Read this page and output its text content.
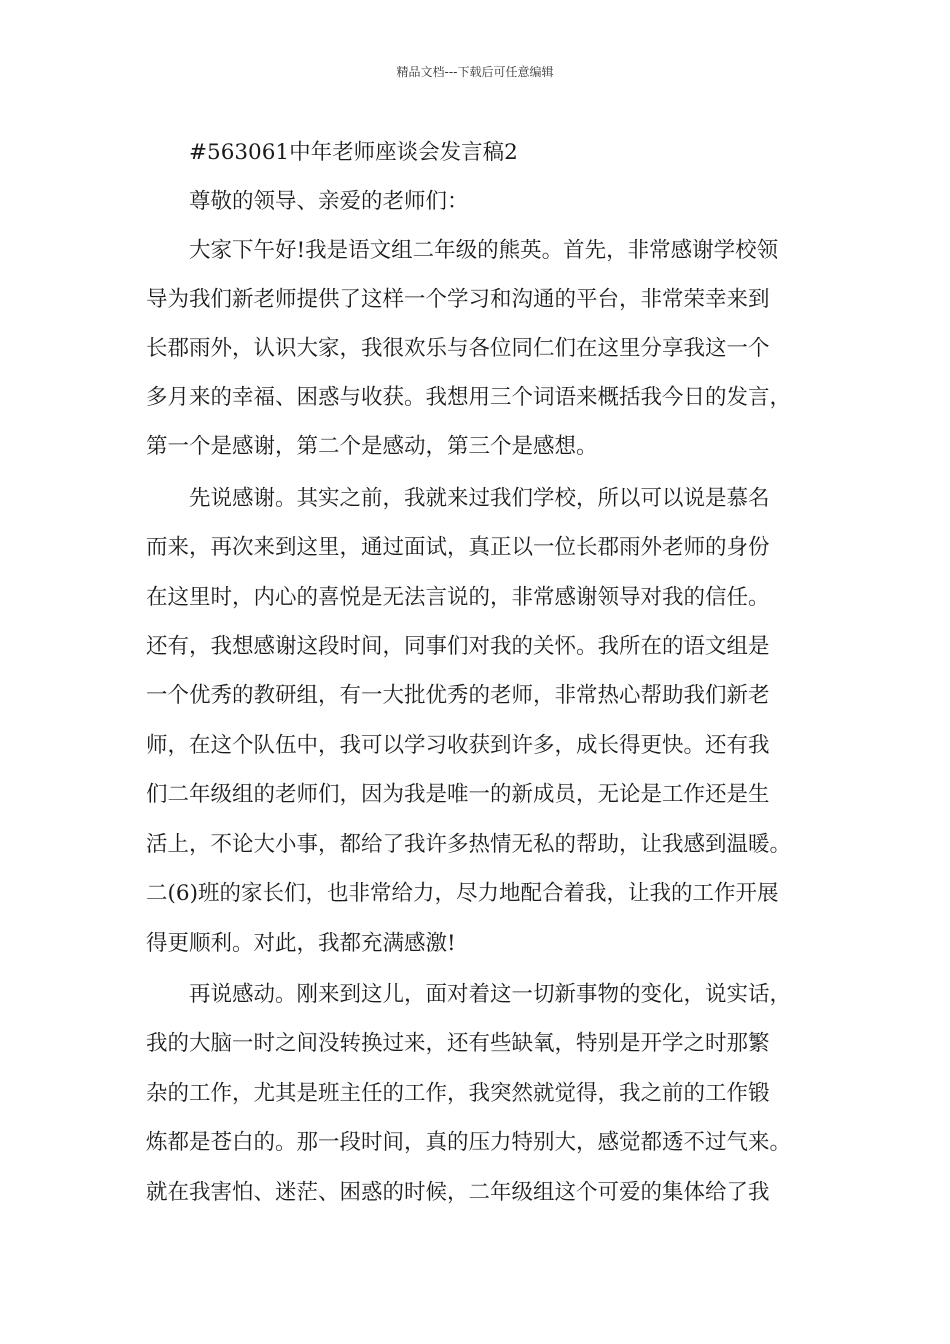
精品文档---下载后可任意编辑
#563061中年老师座谈会发言稿2
尊敬的领导、亲爱的老师们：
大家下午好!我是语文组二年级的熊英。首先，非常感谢学校领
导为我们新老师提供了这样一个学习和沟通的平台，非常荣幸来到
长郡雨外，认识大家，我很欢乐与各位同仁们在这里分享我这一个
多月来的幸福、困惑与收获。我想用三个词语来概括我今日的发言，
第一个是感谢，第二个是感动，第三个是感想。
先说感谢。其实之前，我就来过我们学校，所以可以说是慕名
而来，再次来到这里，通过面试，真正以一位长郡雨外老师的身份
在这里时，内心的喜悦是无法言说的，非常感谢领导对我的信任。
还有，我想感谢这段时间，同事们对我的关怀。我所在的语文组是
一个优秀的教研组，有一大批优秀的老师，非常热心帮助我们新老
师，在这个队伍中，我可以学习收获到许多，成长得更快。还有我
们二年级组的老师们，因为我是唯一的新成员，无论是工作还是生
活上，不论大小事，都给了我许多热情无私的帮助，让我感到温暖。
二(6)班的家长们，也非常给力，尽力地配合着我，让我的工作开展
得更顺利。对此，我都充满感激!
再说感动。刚来到这儿，面对着这一切新事物的变化，说实话，
我的大脑一时之间没转换过来，还有些缺氧，特别是开学之时那繁
杂的工作，尤其是班主任的工作，我突然就觉得，我之前的工作锻
炼都是苍白的。那一段时间，真的压力特别大，感觉都透不过气来。
就在我害怕、迷茫、困惑的时候，二年级组这个可爱的集体给了我
